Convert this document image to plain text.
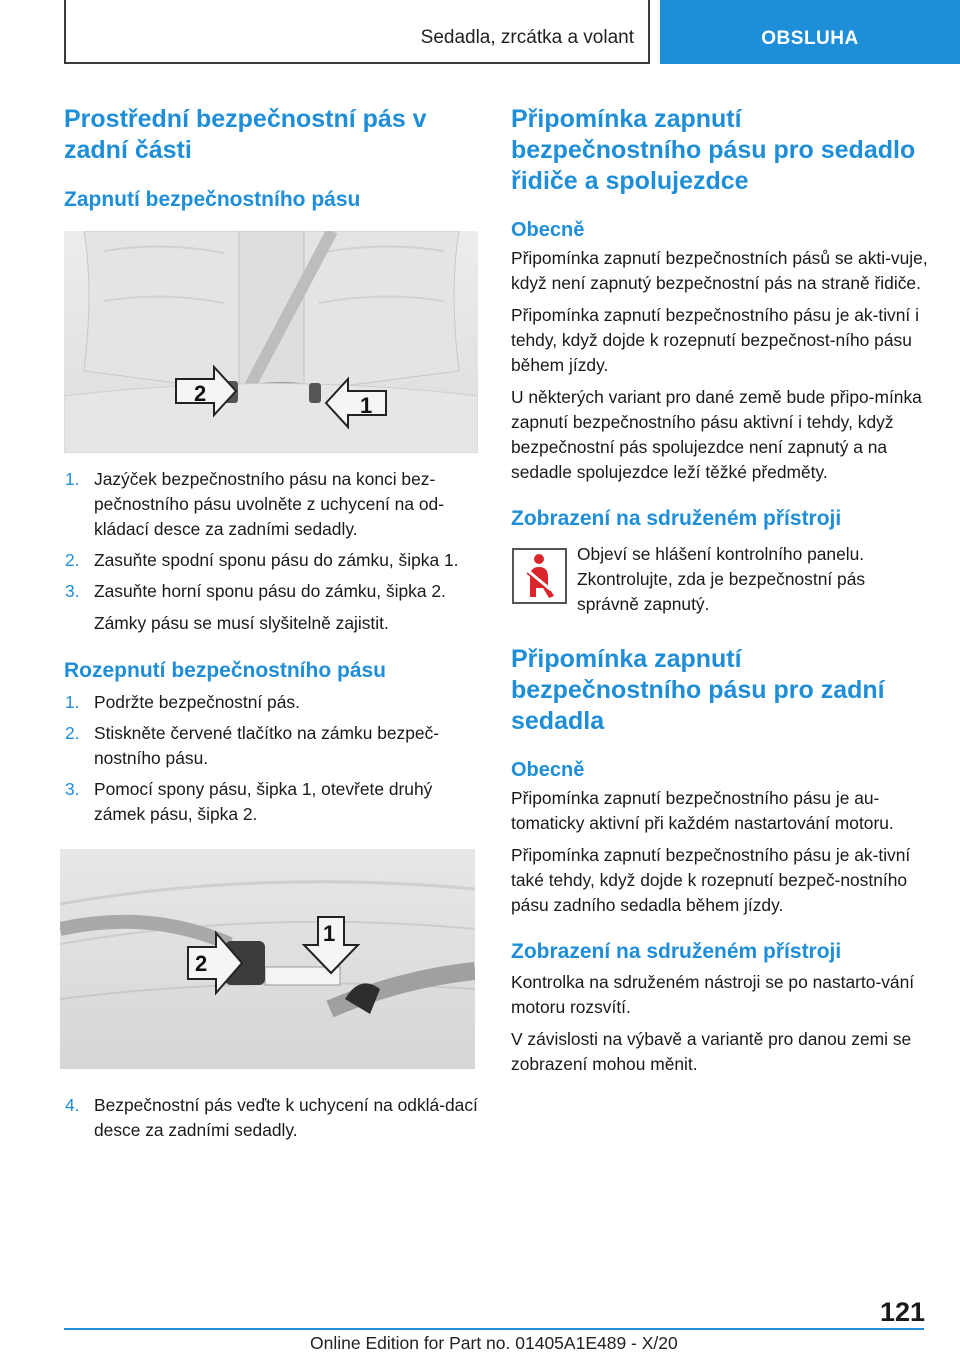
Sedadla, zrcátka a volant	OBSLUHA
Prostřední bezpečnostní pás v zadní části
Zapnutí bezpečnostního pásu
2	1
1. Jazýček bezpečnostního pásu na konci bez‐pečnostního pásu uvolněte z uchycení na od‐kládací desce za zadními sedadly.
2. Zasuňte spodní sponu pásu do zámku, šipka 1.
3. Zasuňte horní sponu pásu do zámku, šipka 2.

Zámky pásu se musí slyšitelně zajistit.

Rozepnutí bezpečnostního pásu
1. Podržte bezpečnostní pás.
2. Stiskněte červené tlačítko na zámku bezpeč‐nostního pásu.
3. Pomocí spony pásu, šipka 1, otevřete druhý zámek pásu, šipka 2.
2
1
4. Bezpečnostní pás veďte k uchycení na odklá‐dací desce za zadními sedadly.
Připomínka zapnutí bezpečnostního pásu pro sedadlo řidiče a spolujezdce
Obecně

Připomínka zapnutí bezpečnostních pásů se akti‐vuje, když není zapnutý bezpečnostní pás na straně řidiče.

Připomínka zapnutí bezpečnostního pásu je ak‐tivní i tehdy, když dojde k rozepnutí bezpečnost‐ního pásu během jízdy.

U některých variant pro dané země bude připo‐mínka zapnutí bezpečnostního pásu aktivní i tehdy, když bezpečnostní pás spolujezdce není zapnutý a na sedadle spolujezdce leží těžké předměty.

Zobrazení na sdruženém přístroji

Objeví se hlášení kontrolního panelu. Zkontrolujte, zda je bezpečnostní pás správně zapnutý.

Připomínka zapnutí bezpečnostního pásu pro zadní sedadla
Obecně

Připomínka zapnutí bezpečnostního pásu je au‐tomaticky aktivní při každém nastartování motoru.

Připomínka zapnutí bezpečnostního pásu je ak‐tivní také tehdy, když dojde k rozepnutí bezpeč‐nostního pásu zadního sedadla během jízdy.

Zobrazení na sdruženém přístroji

Kontrolka na sdruženém nástroji se po nastarto‐vání motoru rozsvítí.

V závislosti na výbavě a variantě pro danou zemi se zobrazení mohou měnit.

121
Online Edition for Part no. 01405A1E489 - X/20
